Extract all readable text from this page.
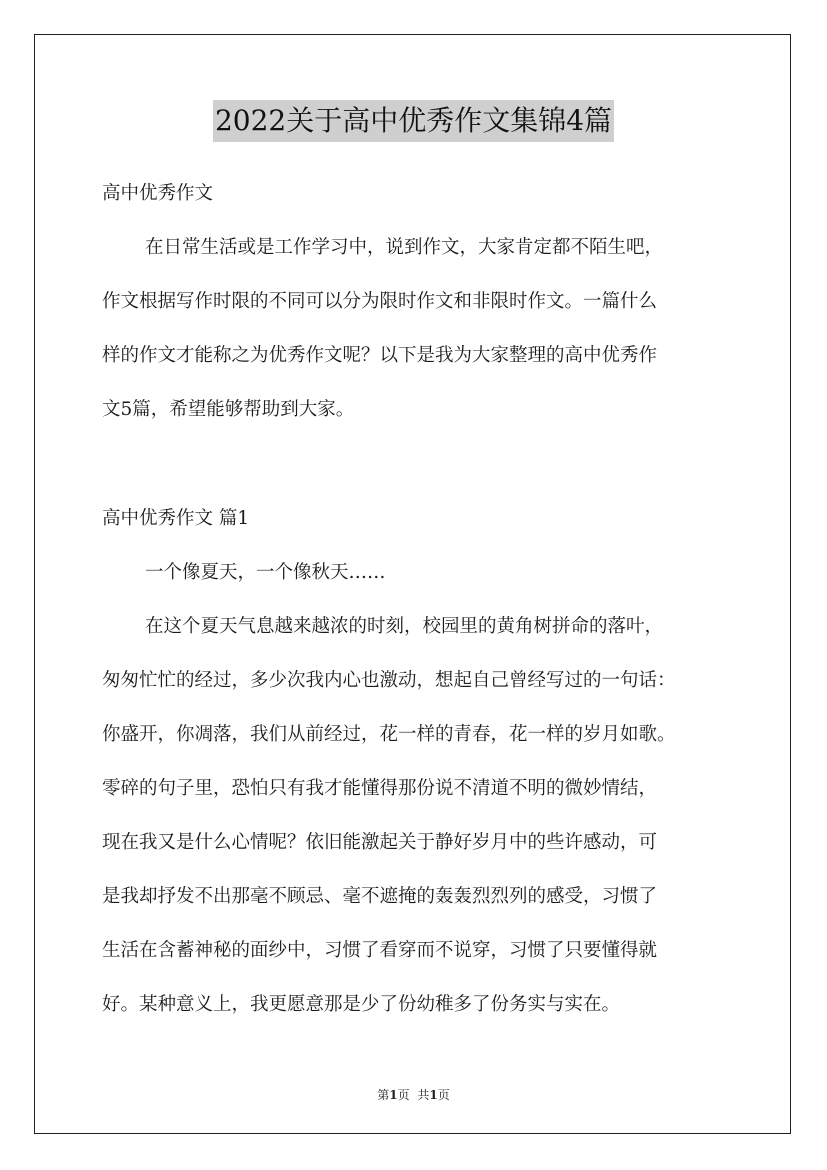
2022关于高中优秀作文集锦4篇
高中优秀作文
在日常生活或是工作学习中，说到作文，大家肯定都不陌生吧，
作文根据写作时限的不同可以分为限时作文和非限时作文。一篇什么
样的作文才能称之为优秀作文呢？以下是我为大家整理的高中优秀作
文5篇，希望能够帮助到大家。
高中优秀作文 篇1
一个像夏天，一个像秋天……
在这个夏天气息越来越浓的时刻，校园里的黄角树拼命的落叶，
匆匆忙忙的经过，多少次我内心也激动，想起自己曾经写过的一句话：
你盛开，你凋落，我们从前经过，花一样的青春，花一样的岁月如歌。
零碎的句子里，恐怕只有我才能懂得那份说不清道不明的微妙情结，
现在我又是什么心情呢？依旧能激起关于静好岁月中的些许感动，可
是我却抒发不出那毫不顾忌、毫不遮掩的轰轰烈烈列的感受，习惯了
生活在含蓄神秘的面纱中，习惯了看穿而不说穿，习惯了只要懂得就
好。某种意义上，我更愿意那是少了份幼稚多了份务实与实在。
第1页 共1页
